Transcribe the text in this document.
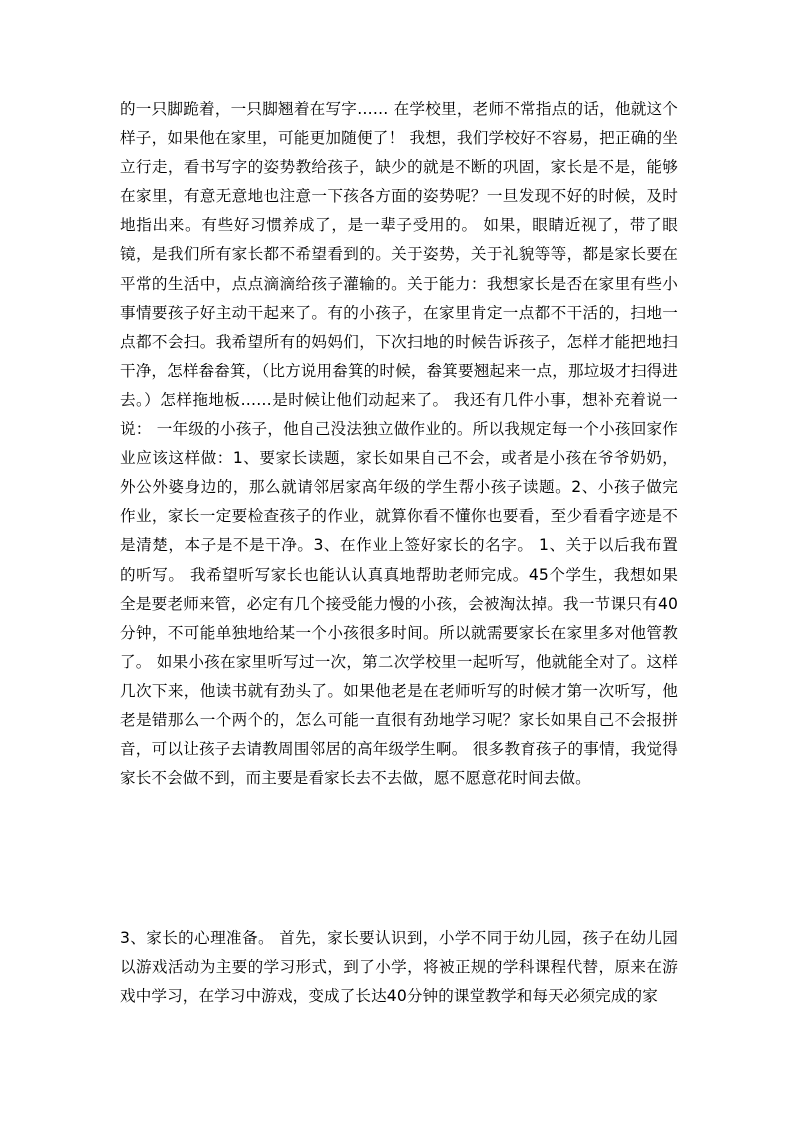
的一只脚跪着，一只脚翘着在写字…… 在学校里，老师不常指点的话，他就这个样子，如果他在家里，可能更加随便了！ 我想，我们学校好不容易，把正确的坐立行走，看书写字的姿势教给孩子，缺少的就是不断的巩固，家长是不是，能够在家里，有意无意地也注意一下孩各方面的姿势呢？一旦发现不好的时候，及时地指出来。有些好习惯养成了，是一辈子受用的。 如果，眼睛近视了，带了眼镜，是我们所有家长都不希望看到的。关于姿势，关于礼貌等等，都是家长要在平常的生活中，点点滴滴给孩子灌输的。关于能力：我想家长是否在家里有些小事情要孩子好主动干起来了。有的小孩子，在家里肯定一点都不干活的，扫地一点都不会扫。我希望所有的妈妈们，下次扫地的时候告诉孩子，怎样才能把地扫干净，怎样畚畚箕，（比方说用畚箕的时候，畚箕要翘起来一点，那垃圾才扫得进去。）怎样拖地板……是时候让他们动起来了。 我还有几件小事，想补充着说一说： 一年级的小孩子，他自己没法独立做作业的。所以我规定每一个小孩回家作业应该这样做：1、要家长读题，家长如果自己不会，或者是小孩在爷爷奶奶，外公外婆身边的，那么就请邻居家高年级的学生帮小孩子读题。2、小孩子做完作业，家长一定要检查孩子的作业，就算你看不懂你也要看，至少看看字迹是不是清楚，本子是不是干净。3、在作业上签好家长的名字。 1、关于以后我布置的听写。 我希望听写家长也能认认真真地帮助老师完成。45个学生，我想如果全是要老师来管，必定有几个接受能力慢的小孩，会被淘汰掉。我一节课只有40分钟，不可能单独地给某一个小孩很多时间。所以就需要家长在家里多对他管教了。 如果小孩在家里听写过一次，第二次学校里一起听写，他就能全对了。这样几次下来，他读书就有劲头了。如果他老是在老师听写的时候才第一次听写，他老是错那么一个两个的，怎么可能一直很有劲地学习呢？家长如果自己不会报拼音，可以让孩子去请教周围邻居的高年级学生啊。 很多教育孩子的事情，我觉得家长不会做不到，而主要是看家长去不去做，愿不愿意花时间去做。

3、家长的心理准备。 首先，家长要认识到，小学不同于幼儿园，孩子在幼儿园以游戏活动为主要的学习形式，到了小学，将被正规的学科课程代替，原来在游戏中学习，在学习中游戏，变成了长达40分钟的课堂教学和每天必须完成的家
